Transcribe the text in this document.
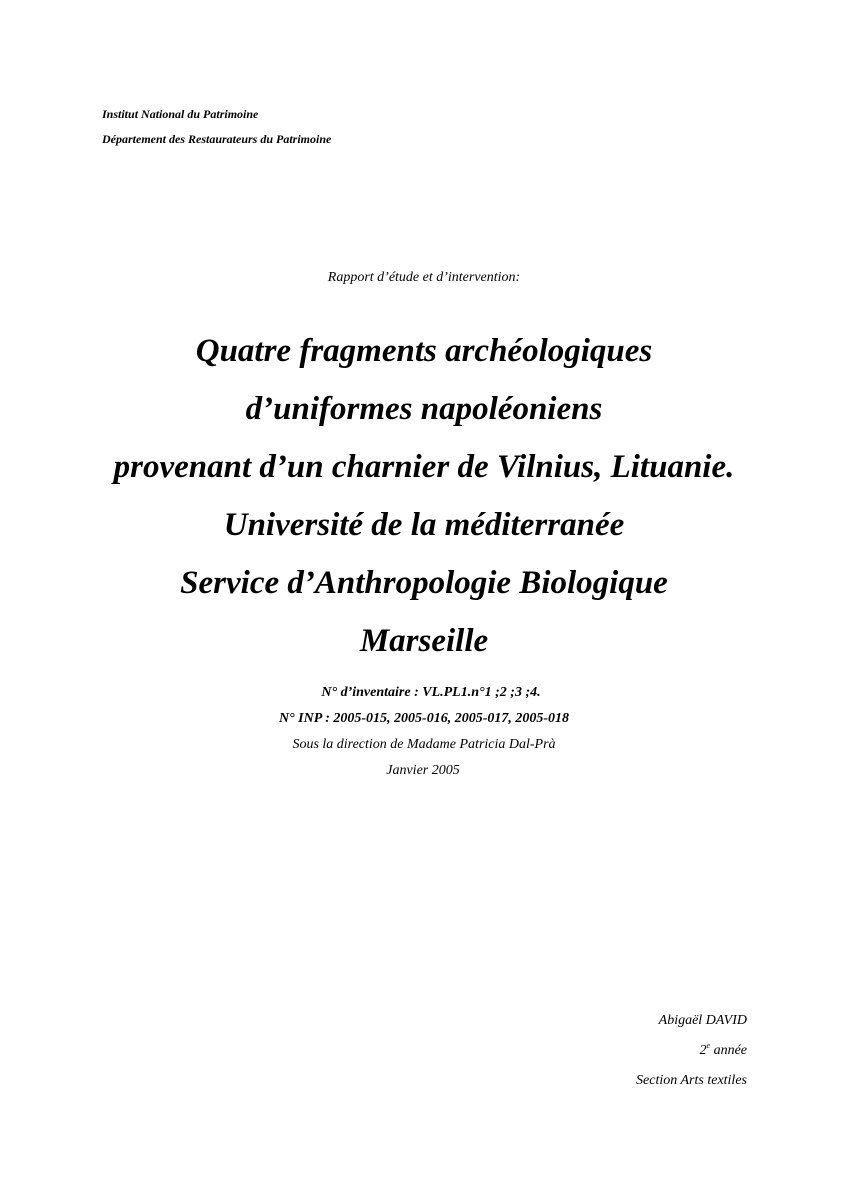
Institut National du Patrimoine
Département des Restaurateurs du Patrimoine
Rapport d’étude et d’intervention:
Quatre fragments archéologiques
d’uniformes napoléoniens
provenant d’un charnier de Vilnius, Lituanie.
Université de la méditerranée
Service d’Anthropologie Biologique
Marseille
N° d’inventaire : VL.PL1.n°1 ;2 ;3 ;4.
N° INP : 2005-015, 2005-016, 2005-017, 2005-018
Sous la direction de Madame Patricia Dal-Prà
Janvier 2005
Abigaël DAVID
2e année
Section Arts textiles
